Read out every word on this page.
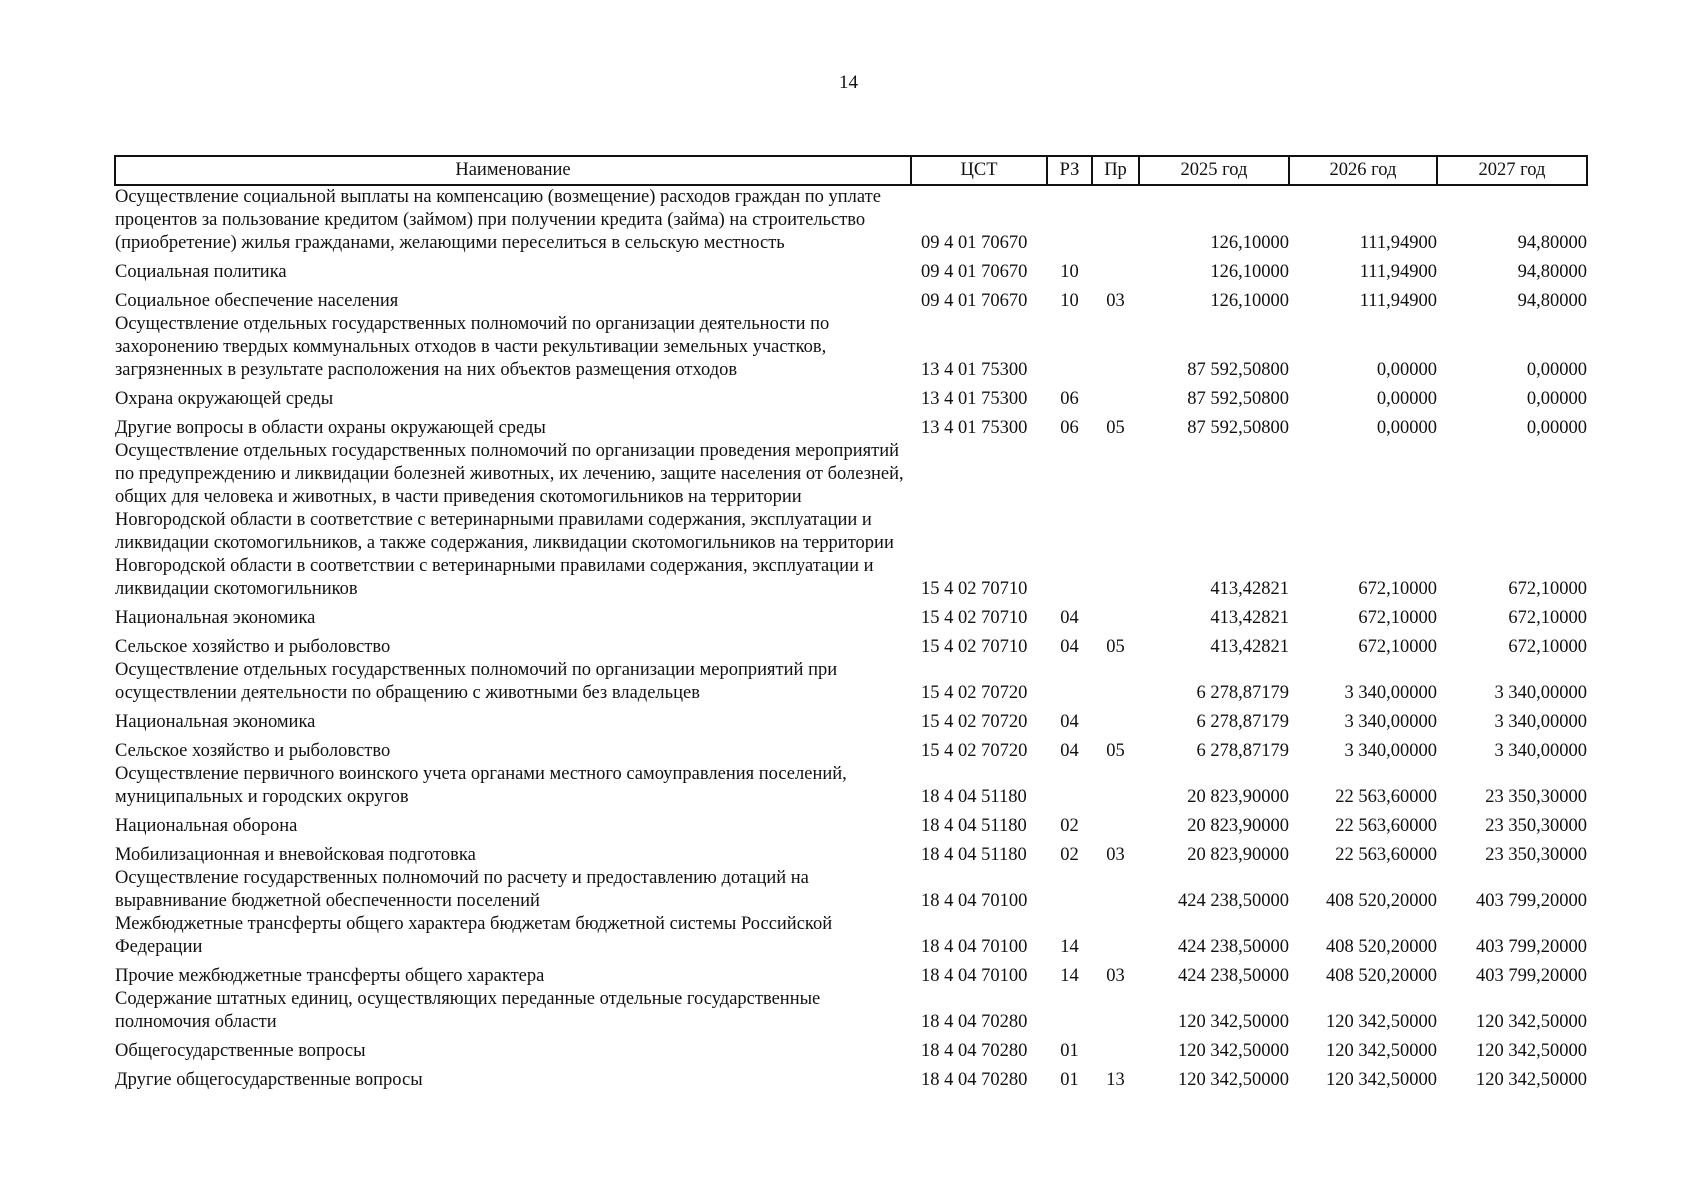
14
Наименование	ЦСТ	РЗ	Пр	2025 год	2026 год	2027 год
Осуществление социальной выплаты на компенсацию (возмещение) расходов граждан по уплате процентов за пользование кредитом (займом) при получении кредита (займа) на строительство (приобретение) жилья гражданами, желающими переселиться в сельскую местность	09 4 01 70670			126,10000	111,94900	94,80000
Социальная политика	09 4 01 70670	10		126,10000	111,94900	94,80000
Социальное обеспечение населения	09 4 01 70670	10	03	126,10000	111,94900	94,80000
Осуществление отдельных государственных полномочий по организации деятельности по захоронению твердых коммунальных отходов в части рекультивации земельных участков, загрязненных в результате расположения на них объектов размещения отходов	13 4 01 75300			87 592,50800	0,00000	0,00000
Охрана окружающей среды	13 4 01 75300	06		87 592,50800	0,00000	0,00000
Другие вопросы в области охраны окружающей среды	13 4 01 75300	06	05	87 592,50800	0,00000	0,00000
Осуществление отдельных государственных полномочий по организации проведения мероприятий по предупреждению и ликвидации болезней животных, их лечению, защите населения от болезней, общих для человека и животных, в части приведения скотомогильников на территории Новгородской области в соответствие с ветеринарными правилами содержания, эксплуатации и ликвидации скотомогильников, а также содержания, ликвидации скотомогильников на территории Новгородской области в соответствии с ветеринарными правилами содержания, эксплуатации и ликвидации скотомогильников	15 4 02 70710			413,42821	672,10000	672,10000
Национальная экономика	15 4 02 70710	04		413,42821	672,10000	672,10000
Сельское хозяйство и рыболовство	15 4 02 70710	04	05	413,42821	672,10000	672,10000
Осуществление отдельных государственных полномочий по организации мероприятий при осуществлении деятельности по обращению с животными без владельцев	15 4 02 70720			6 278,87179	3 340,00000	3 340,00000
Национальная экономика	15 4 02 70720	04		6 278,87179	3 340,00000	3 340,00000
Сельское хозяйство и рыболовство	15 4 02 70720	04	05	6 278,87179	3 340,00000	3 340,00000
Осуществление первичного воинского учета органами местного самоуправления поселений, муниципальных и городских округов	18 4 04 51180			20 823,90000	22 563,60000	23 350,30000
Национальная оборона	18 4 04 51180	02		20 823,90000	22 563,60000	23 350,30000
Мобилизационная и вневойсковая подготовка	18 4 04 51180	02	03	20 823,90000	22 563,60000	23 350,30000
Осуществление государственных полномочий по расчету и предоставлению дотаций на выравнивание бюджетной обеспеченности поселений	18 4 04 70100			424 238,50000	408 520,20000	403 799,20000
Межбюджетные трансферты общего характера бюджетам бюджетной системы Российской Федерации	18 4 04 70100	14		424 238,50000	408 520,20000	403 799,20000
Прочие межбюджетные трансферты общего характера	18 4 04 70100	14	03	424 238,50000	408 520,20000	403 799,20000
Содержание штатных единиц, осуществляющих переданные отдельные государственные полномочия области	18 4 04 70280			120 342,50000	120 342,50000	120 342,50000
Общегосударственные вопросы	18 4 04 70280	01		120 342,50000	120 342,50000	120 342,50000
Другие общегосударственные вопросы	18 4 04 70280	01	13	120 342,50000	120 342,50000	120 342,50000
